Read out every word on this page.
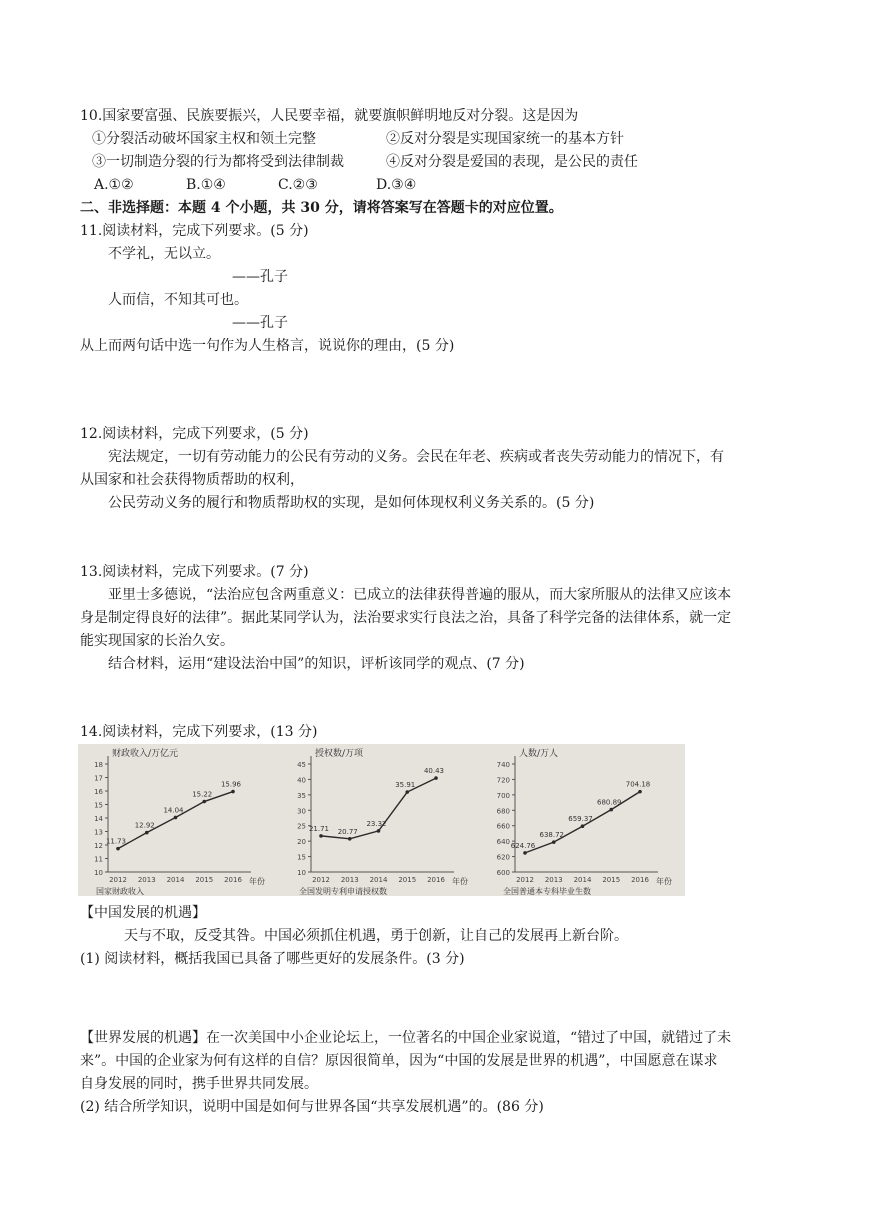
10.国家要富强、民族要振兴，人民要幸福，就要旗帜鲜明地反对分裂。这是因为
①分裂活动破坏国家主权和领土完整	②反对分裂是实现国家统一的基本方针
③一切制造分裂的行为都将受到法律制裁	④反对分裂是爱国的表现，是公民的责任
A.①②	B.①④	C.②③	D.③④
二、非选择题：本题 4 个小题，共 30 分，请将答案写在答题卡的对应位置。
11.阅读材料，完成下列要求。(5 分)
不学礼，无以立。
——孔子
人而信，不知其可也。
——孔子
从上而两句话中选一句作为人生格言，说说你的理由，(5 分)
12.阅读材料，完成下列要求，(5 分)
宪法规定，一切有劳动能力的公民有劳动的义务。会民在年老、疾病或者丧失劳动能力的情况下，有
从国家和社会获得物质帮助的权利，
公民劳动义务的履行和物质帮助权的实现，是如何体现权利义务关系的。(5 分)
13.阅读材料，完成下列要求。(7 分)
亚里士多德说，“法治应包含两重意义：已成立的法律获得普遍的服从，而大家所服从的法律又应该本
身是制定得良好的法律”。据此某同学认为，法治要求实行良法之治，具备了科学完备的法律体系，就一定
能实现国家的长治久安。
结合材料，运用“建设法治中国”的知识，评析该同学的观点、(7 分)
14.阅读材料，完成下列要求，(13 分)
财政收入/万亿元
年份
10
11
12
13
14
15
16
17
18
2012 2013 2014 2015 2016
11.73
12.92
14.04
15.22
15.96
国家财政收入
授权数/万项
年份
10
15
20
25
30
35
40
45
2012 2013 2014 2015 2016
21.71 20.77
23.32
35.91
40.43
全国发明专利申请授权数
人数/万人
年份
600
620
640
660
680
700
720
740
2012 2013 2014 2015 2016
624.76
638.72
659.37
680.89
704.18
全国普通本专科毕业生数
【中国发展的机遇】
天与不取，反受其咎。中国必须抓住机遇，勇于创新，让自己的发展再上新台阶。
(1) 阅读材料，概括我国已具备了哪些更好的发展条件。(3 分)
【世界发展的机遇】在一次美国中小企业论坛上，一位著名的中国企业家说道，“错过了中国，就错过了未
来”。中国的企业家为何有这样的自信？原因很简单，因为“中国的发展是世界的机遇”，中国愿意在谋求
自身发展的同时，携手世界共同发展。
(2) 结合所学知识，说明中国是如何与世界各国“共享发展机遇”的。(86 分)
